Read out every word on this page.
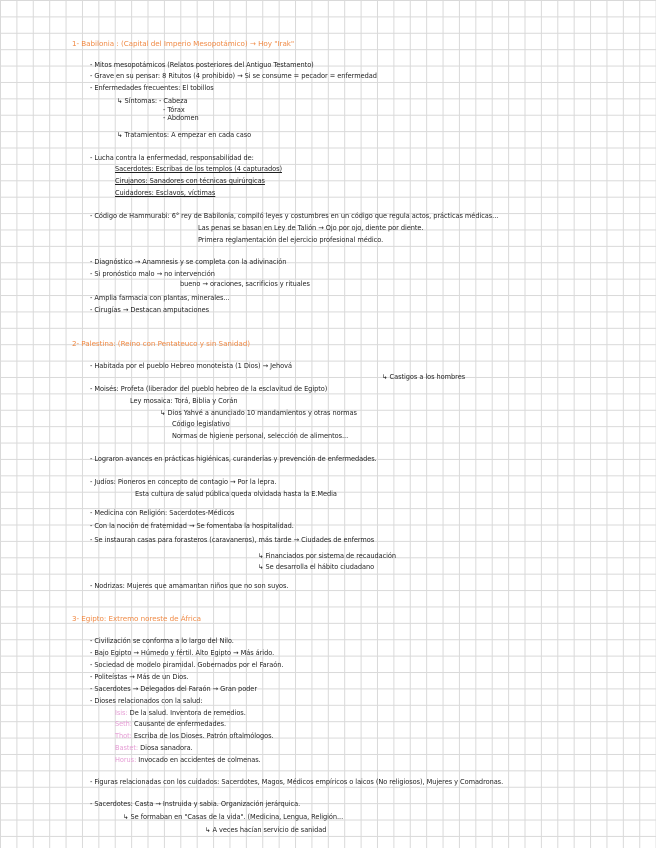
1- Babilonia : (Capital del Imperio Mesopotámico) → Hoy "Irak"
- Mitos mesopotámicos (Relatos posteriores del Antiguo Testamento)
- Grave en su pensar: 8 Ritutos (4 prohibido) → Si se consume = pecador = enfermedad
- Enfermedades frecuentes: El tobillos
↳ Síntomas: - Cabeza
- Tórax
- Abdomen
↳ Tratamientos: A empezar en cada caso
- Lucha contra la enfermedad, responsabilidad de:
Sacerdotes: Escribas de los templos (4 capturados)
Cirujanos: Sanadores con técnicas quirúrgicas
Cuidadores: Esclavos, víctimas
- Código de Hammurabi: 6° rey de Babilonia, compiló leyes y costumbres en un código que regula actos, prácticas médicas...
Las penas se basan en Ley de Talión → Ojo por ojo, diente por diente.
Primera reglamentación del ejercicio profesional médico.
- Diagnóstico → Anamnesis y se completa con la adivinación
- Si pronóstico malo → no intervención
bueno → oraciones, sacrificios y rituales
- Amplia farmacia con plantas, minerales...
- Cirugías → Destacan amputaciones
2- Palestina: (Reino con Pentateuco y sin Sanidad)
- Habitada por el pueblo Hebreo monoteísta (1 Dios) → Jehová
↳ Castigos a los hombres
- Moisés: Profeta (liberador del pueblo hebreo de la esclavitud de Egipto)
Ley mosaica: Torá, Biblia y Corán
↳ Dios Yahvé a anunciado 10 mandamientos y otras normas
Código legislativo
Normas de higiene personal, selección de alimentos...
- Lograron avances en prácticas higiénicas, curanderías y prevención de enfermedades.
- Judíos: Pioneros en concepto de contagio → Por la lepra.
Esta cultura de salud pública queda olvidada hasta la E.Media
- Medicina con Religión: Sacerdotes-Médicos
- Con la noción de fraternidad → Se fomentaba la hospitalidad.
- Se instauran casas para forasteros (caravaneros), más tarde → Ciudades de enfermos
↳ Financiados por sistema de recaudación
↳ Se desarrolla el hábito ciudadano
- Nodrizas: Mujeres que amamantan niños que no son suyos.
3- Egipto: Extremo noreste de África
- Civilización se conforma a lo largo del Nilo.
- Bajo Egipto → Húmedo y fértil. Alto Egipto → Más árido.
- Sociedad de modelo piramidal. Gobernados por el Faraón.
- Politeístas → Más de un Dios.
- Sacerdotes → Delegados del Faraón → Gran poder
- Dioses relacionados con la salud:
Isis: De la salud. Inventora de remedios.
Seth: Causante de enfermedades.
Thot: Escriba de los Dioses. Patrón oftalmólogos.
Bastet: Diosa sanadora.
Horus: Invocado en accidentes de colmenas.
- Figuras relacionadas con los cuidados: Sacerdotes, Magos, Médicos empíricos o laicos (No religiosos), Mujeres y Comadronas.
- Sacerdotes: Casta → Instruida y sabia. Organización jerárquica.
↳ Se formaban en "Casas de la vida". (Medicina, Lengua, Religión...
↳ A veces hacían servicio de sanidad
